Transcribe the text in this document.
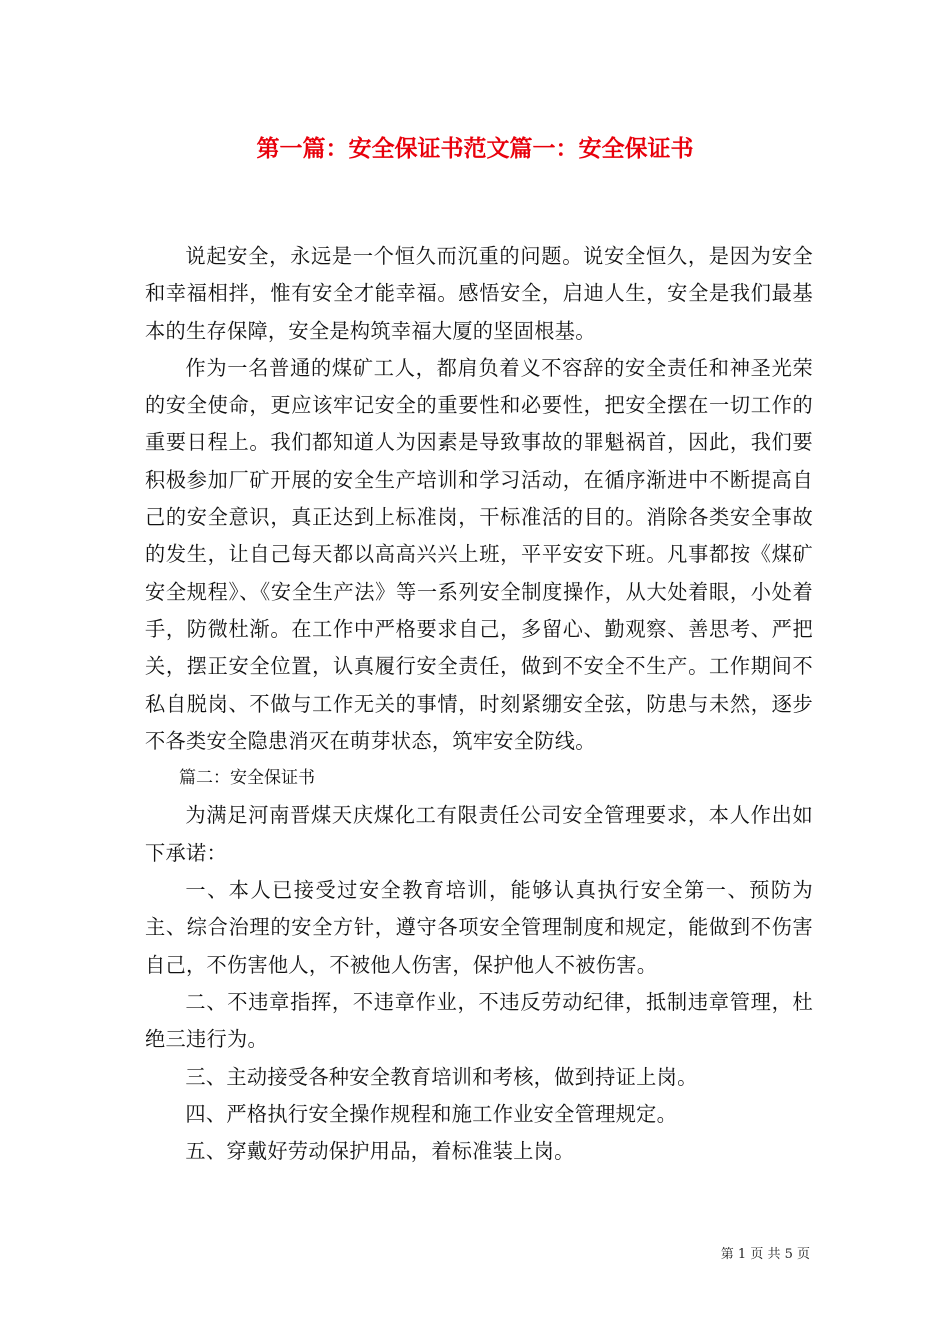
第一篇：安全保证书范文篇一：安全保证书

说起安全，永远是一个恒久而沉重的问题。说安全恒久，是因为安全和幸福相拌，惟有安全才能幸福。感悟安全，启迪人生，安全是我们最基本的生存保障，安全是构筑幸福大厦的坚固根基。

作为一名普通的煤矿工人，都肩负着义不容辞的安全责任和神圣光荣的安全使命，更应该牢记安全的重要性和必要性，把安全摆在一切工作的重要日程上。我们都知道人为因素是导致事故的罪魁祸首，因此，我们要积极参加厂矿开展的安全生产培训和学习活动，在循序渐进中不断提高自己的安全意识，真正达到上标准岗，干标准活的目的。消除各类安全事故的发生，让自己每天都以高高兴兴上班，平平安安下班。凡事都按《煤矿安全规程》、《安全生产法》等一系列安全制度操作，从大处着眼，小处着手，防微杜渐。在工作中严格要求自己，多留心、勤观察、善思考、严把关，摆正安全位置，认真履行安全责任，做到不安全不生产。工作期间不私自脱岗、不做与工作无关的事情，时刻紧绷安全弦，防患与未然，逐步不各类安全隐患消灭在萌芽状态，筑牢安全防线。

篇二：安全保证书

为满足河南晋煤天庆煤化工有限责任公司安全管理要求，本人作出如下承诺：

一、本人已接受过安全教育培训，能够认真执行安全第一、预防为主、综合治理的安全方针，遵守各项安全管理制度和规定，能做到不伤害自己，不伤害他人，不被他人伤害，保护他人不被伤害。

二、不违章指挥，不违章作业，不违反劳动纪律，抵制违章管理，杜绝三违行为。

三、主动接受各种安全教育培训和考核，做到持证上岗。

四、严格执行安全操作规程和施工作业安全管理规定。

五、穿戴好劳动保护用品，着标准装上岗。

第 1 页 共 5 页
